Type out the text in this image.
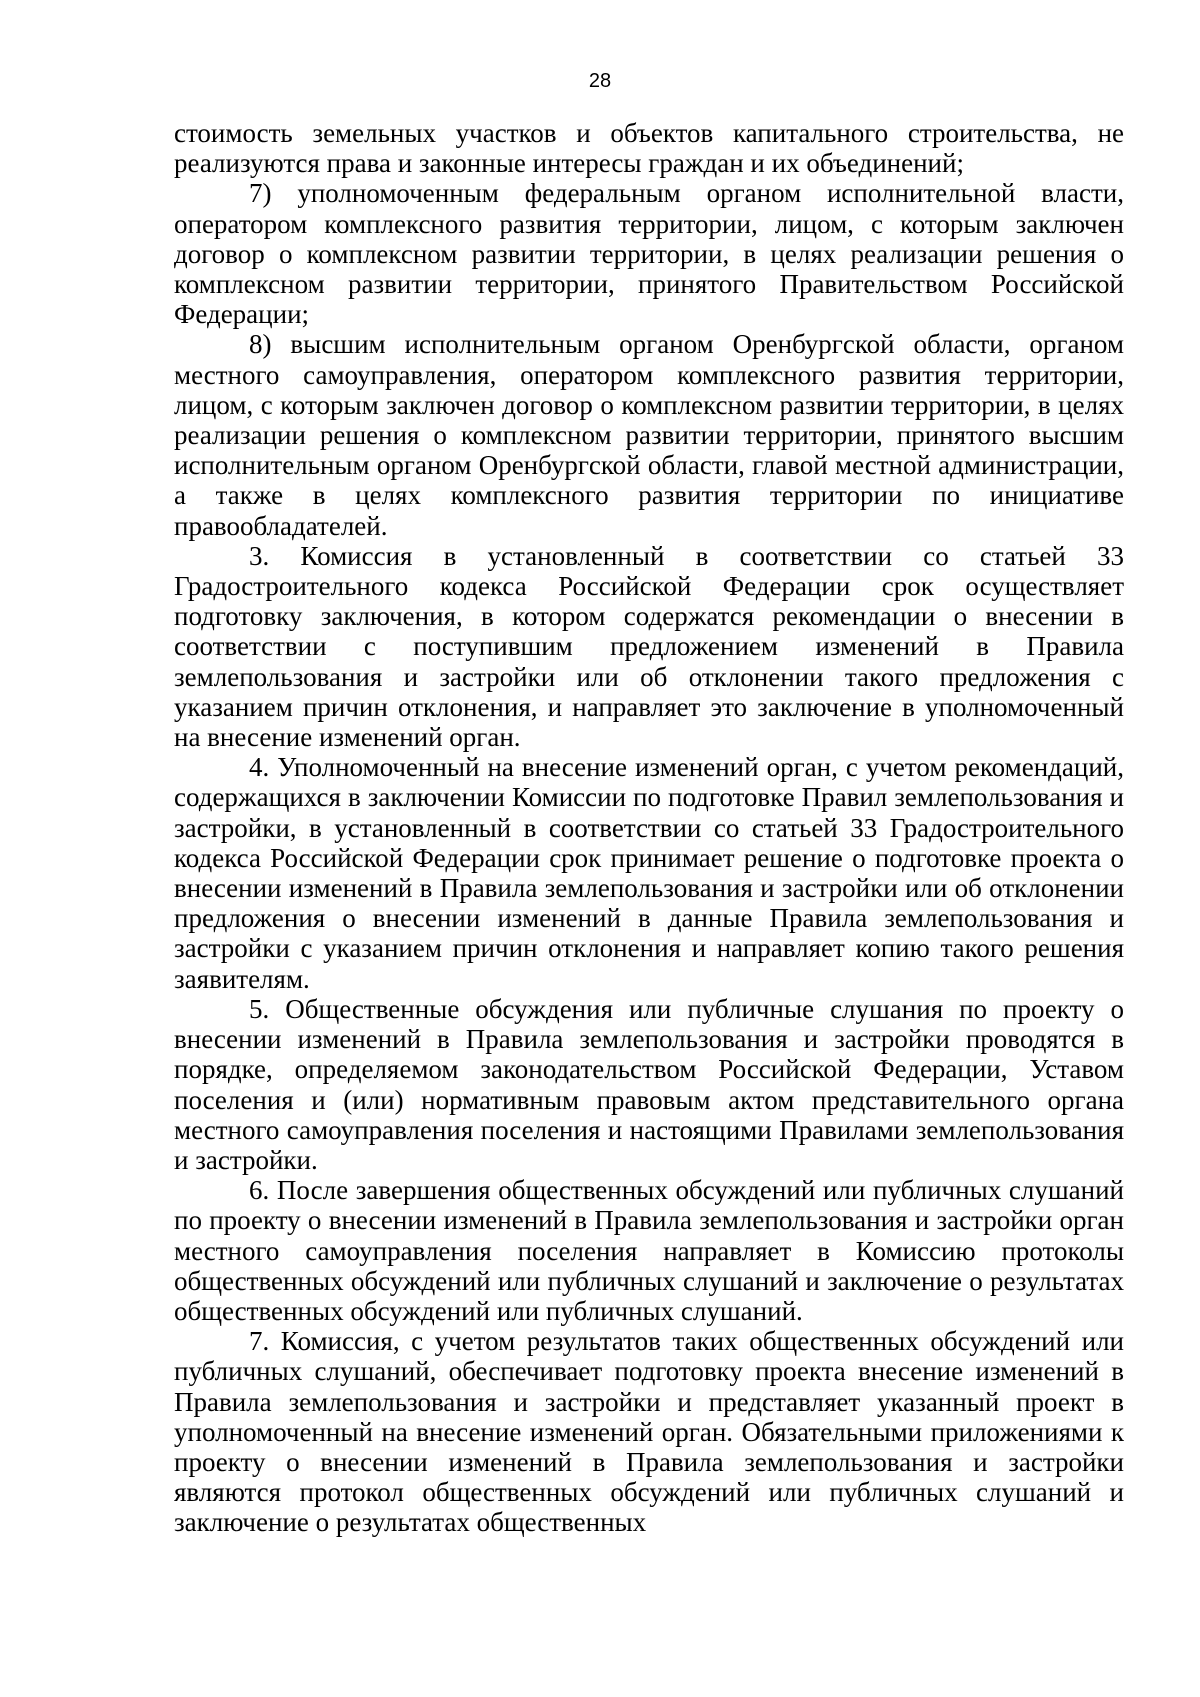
28

стоимость земельных участков и объектов капитального строительства, не реализуются права и законные интересы граждан и их объединений;

7) уполномоченным федеральным органом исполнительной власти, оператором комплексного развития территории, лицом, с которым заключен договор о комплексном развитии территории, в целях реализации решения о комплексном развитии территории, принятого Правительством Российской Федерации;

8) высшим исполнительным органом Оренбургской области, органом местного самоуправления, оператором комплексного развития территории, лицом, с которым заключен договор о комплексном развитии территории, в целях реализации решения о комплексном развитии территории, принятого высшим исполнительным органом Оренбургской области, главой местной администрации, а также в целях комплексного развития территории по инициативе правообладателей.

3. Комиссия в установленный в соответствии со статьей 33 Градостроительного кодекса Российской Федерации срок осуществляет подготовку заключения, в котором содержатся рекомендации о внесении в соответствии с поступившим предложением изменений в Правила землепользования и застройки или об отклонении такого предложения с указанием причин отклонения, и направляет это заключение в уполномоченный на внесение изменений орган.

4. Уполномоченный на внесение изменений орган, с учетом рекомендаций, содержащихся в заключении Комиссии по подготовке Правил землепользования и застройки, в установленный в соответствии со статьей 33 Градостроительного кодекса Российской Федерации срок принимает решение о подготовке проекта о внесении изменений в Правила землепользования и застройки или об отклонении предложения о внесении изменений в данные Правила землепользования и застройки с указанием причин отклонения и направляет копию такого решения заявителям.

5. Общественные обсуждения или публичные слушания по проекту о внесении изменений в Правила землепользования и застройки проводятся в порядке, определяемом законодательством Российской Федерации, Уставом поселения и (или) нормативным правовым актом представительного органа местного самоуправления поселения и настоящими Правилами землепользования и застройки.

6. После завершения общественных обсуждений или публичных слушаний по проекту о внесении изменений в Правила землепользования и застройки орган местного самоуправления поселения направляет в Комиссию протоколы общественных обсуждений или публичных слушаний и заключение о результатах общественных обсуждений или публичных слушаний.

7. Комиссия, с учетом результатов таких общественных обсуждений или публичных слушаний, обеспечивает подготовку проекта внесение изменений в Правила землепользования и застройки и представляет указанный проект в уполномоченный на внесение изменений орган. Обязательными приложениями к проекту о внесении изменений в Правила землепользования и застройки являются протокол общественных обсуждений или публичных слушаний и заключение о результатах общественных
